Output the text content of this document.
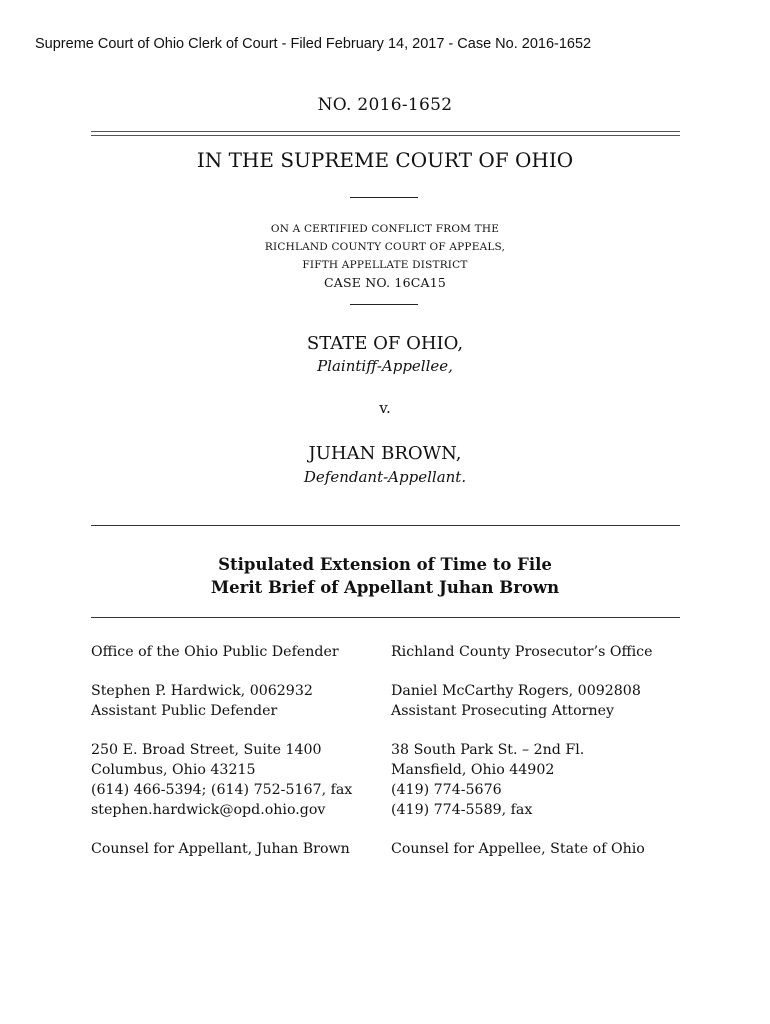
Supreme Court of Ohio Clerk of Court - Filed February 14, 2017 - Case No. 2016-1652
NO. 2016-1652
IN THE SUPREME COURT OF OHIO
ON A CERTIFIED CONFLICT FROM THE
RICHLAND COUNTY COURT OF APPEALS,
FIFTH APPELLATE DISTRICT
CASE NO. 16CA15
STATE OF OHIO,
Plaintiff-Appellee,
v.
JUHAN BROWN,
Defendant-Appellant.
Stipulated Extension of Time to File
Merit Brief of Appellant Juhan Brown

Office of the Ohio Public Defender

Stephen P. Hardwick, 0062932
Assistant Public Defender

250 E. Broad Street, Suite 1400
Columbus, Ohio 43215
(614) 466-5394; (614) 752-5167, fax
stephen.hardwick@opd.ohio.gov

Counsel for Appellant, Juhan Brown

Richland County Prosecutor’s Office

Daniel McCarthy Rogers, 0092808
Assistant Prosecuting Attorney

38 South Park St. – 2nd Fl.
Mansfield, Ohio 44902
(419) 774-5676
(419) 774-5589, fax

Counsel for Appellee, State of Ohio
